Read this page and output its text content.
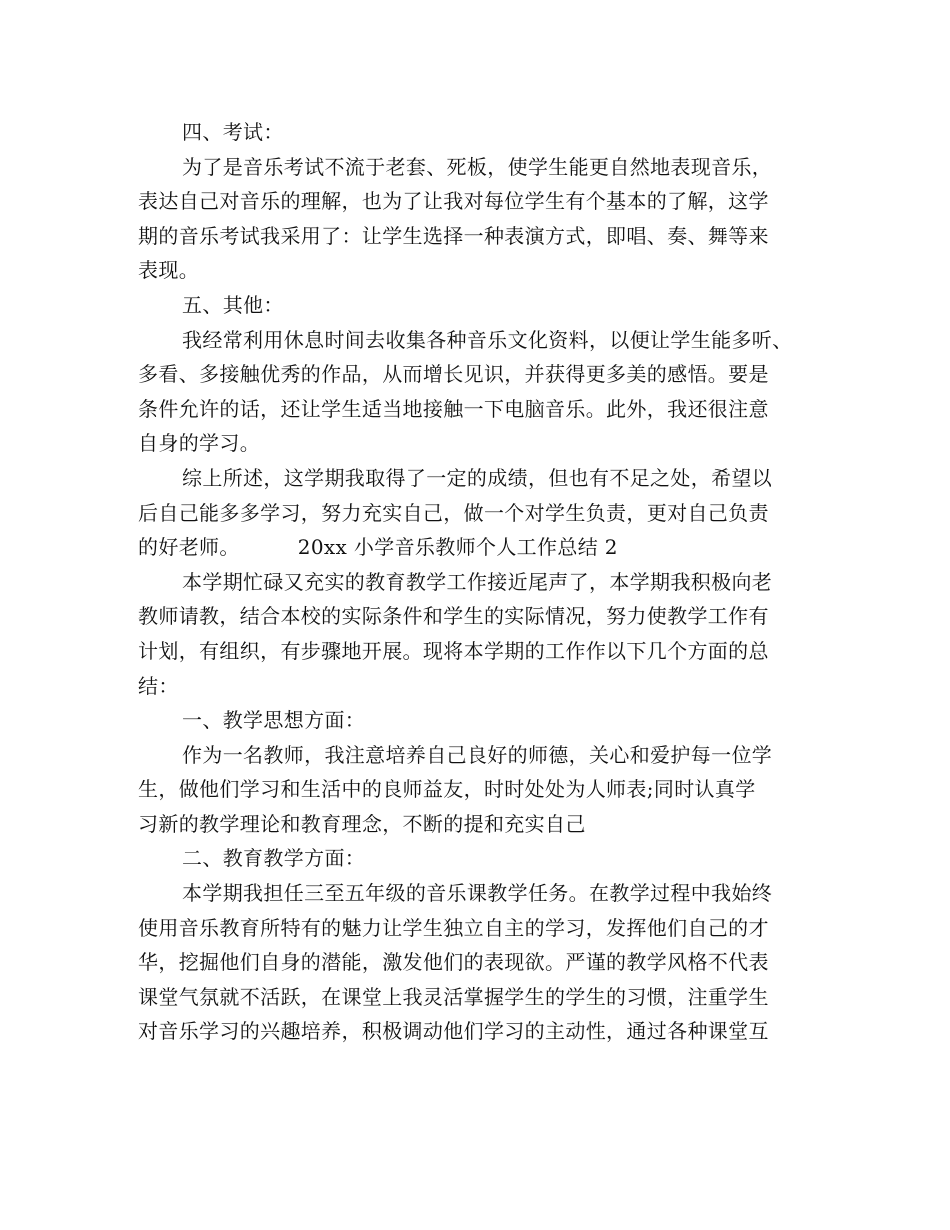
四、考试：
为了是音乐考试不流于老套、死板，使学生能更自然地表现音乐，
表达自己对音乐的理解，也为了让我对每位学生有个基本的了解，这学
期的音乐考试我采用了：让学生选择一种表演方式，即唱、奏、舞等来
表现。
五、其他：
我经常利用休息时间去收集各种音乐文化资料，以便让学生能多听、
多看、多接触优秀的作品，从而增长见识，并获得更多美的感悟。要是
条件允许的话，还让学生适当地接触一下电脑音乐。此外，我还很注意
自身的学习。
综上所述，这学期我取得了一定的成绩，但也有不足之处，希望以
后自己能多多学习，努力充实自己，做一个对学生负责，更对自己负责
的好老师。	20xx 小学音乐教师个人工作总结 2
本学期忙碌又充实的教育教学工作接近尾声了，本学期我积极向老
教师请教，结合本校的实际条件和学生的实际情况，努力使教学工作有
计划，有组织，有步骤地开展。现将本学期的工作作以下几个方面的总
结：
一、教学思想方面：
作为一名教师，我注意培养自己良好的师德，关心和爱护每一位学
生，做他们学习和生活中的良师益友，时时处处为人师表;同时认真学
习新的教学理论和教育理念，不断的提和充实自己
二、教育教学方面：
本学期我担任三至五年级的音乐课教学任务。在教学过程中我始终
使用音乐教育所特有的魅力让学生独立自主的学习，发挥他们自己的才
华，挖掘他们自身的潜能，激发他们的表现欲。严谨的教学风格不代表
课堂气氛就不活跃，在课堂上我灵活掌握学生的学生的习惯，注重学生
对音乐学习的兴趣培养，积极调动他们学习的主动性，通过各种课堂互
